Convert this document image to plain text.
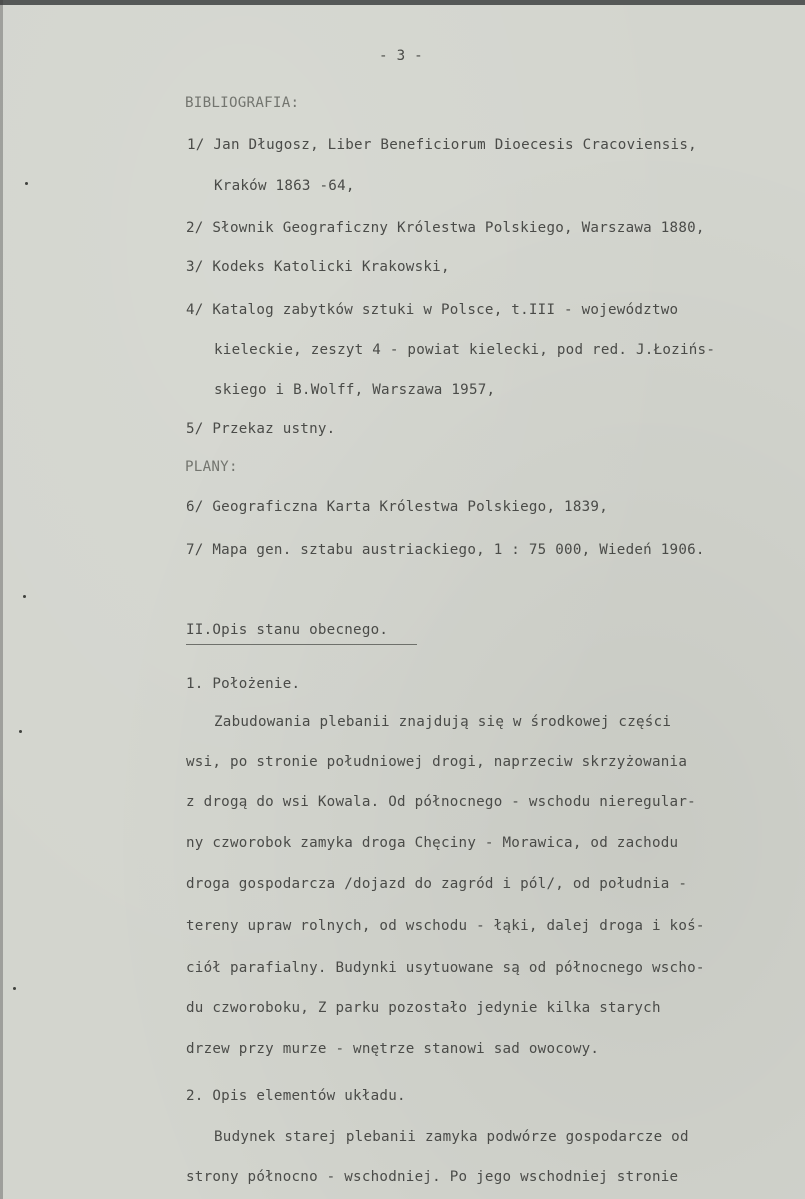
- 3 -
BIBLIOGRAFIA:
1/ Jan Długosz, Liber Beneficiorum Dioecesis Cracoviensis,
Kraków 1863 -64,
2/ Słownik Geograficzny Królestwa Polskiego, Warszawa 1880,
3/ Kodeks Katolicki Krakowski,
4/ Katalog zabytków sztuki w Polsce, t.III - województwo
kieleckie, zeszyt 4 - powiat kielecki, pod red. J.Łozińs-
skiego i B.Wolff, Warszawa 1957,
5/ Przekaz ustny.
PLANY:
6/ Geograficzna Karta Królestwa Polskiego, 1839,
7/ Mapa gen. sztabu austriackiego, 1 : 75 000, Wiedeń 1906.
II.Opis stanu obecnego.
1. Położenie.
Zabudowania plebanii znajdują się w środkowej części
wsi, po stronie południowej drogi, naprzeciw skrzyżowania
z drogą do wsi Kowala. Od północnego - wschodu nieregular-
ny czworobok zamyka droga Chęciny - Morawica, od zachodu
droga gospodarcza /dojazd do zagród i pól/, od południa -
tereny upraw rolnych, od wschodu - łąki, dalej droga i koś-
ciół parafialny. Budynki usytuowane są od północnego wscho-
du czworoboku, Z parku pozostało jedynie kilka starych
drzew przy murze - wnętrze stanowi sad owocowy.
2. Opis elementów układu.
Budynek starej plebanii zamyka podwórze gospodarcze od
strony północno - wschodniej. Po jego wschodniej stronie
